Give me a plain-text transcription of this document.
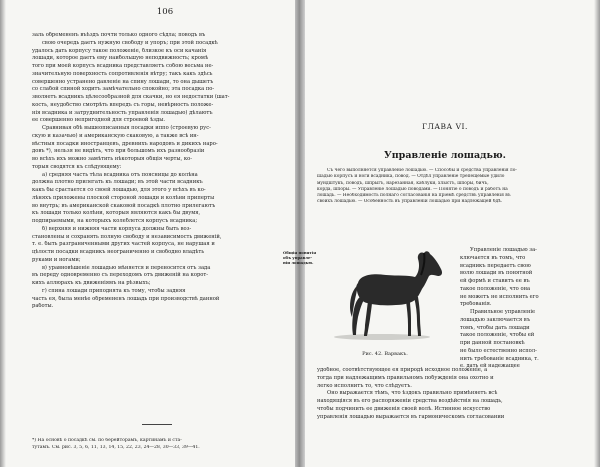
106
заль обремененъ въѣздъ почти только одного сѣдла; поводъ въ
свою очередь даетъ нужную свободу и упоръ; при этой посадкѣ
удалось дать корпусу такое положеніе, близкое къ оси качанія
лошади, которое даетъ ему наибольшую неподвижность; кромѣ
того при моей корпусъ всадника представляетъ собою весьма не-
значительную поверхность сопротивленія вѣтру; такъ какъ здѣсь
совершенно устранено давленіе на спину лошади, то она дышетъ
со слабой спиной ходитъ замѣчательно спокойно; эта посадка по-
зволяетъ всадникъ цѣлесообразной для скачки, но ея недостатки (шат-
кость, неудобство смотрѣть впередъ съ горы, невѣрность положе-
нія всадника и затруднительность управленія лошадью) дѣлаютъ
ее совершенно непригодной для строевой ѣзды.
Сравнивая обѣ вышеописанныя посадки иппо (строевую рус-
скую и казачью) и американскую скаковую, а также всѣ ин-
вѣстныя посадки иностранцевъ, древнихъ народовъ и дикихъ наро-
довъ *), нельзя не видѣть, что при большомъ ихъ разнообразіи
во всѣхъ ихъ можно замѣтить нѣкоторыя общія черты, ко-
торыя сводятся къ слѣдующему:
а) средняя часть тѣла всадника отъ поясницы до колѣна
должна плотно прилегать къ лошади; въ этой части всадникъ
какъ бы срастается со своей лошадью, для этого у всѣхъ въ ко-
лѣняхъ приложены плоской стороной лошади и колѣни приперты
во внутрь; въ американской скаковой посадкѣ плотно прилегаютъ
къ лошади только колѣни, которыя являются какъ бы двумя,
подпираемыми, на которыхъ колеблется корпусъ всадника;
б) верхняя и нижняя части корпуса должны быть воз-
становлены и сохранять полную свободу и независимость движеній,
т. е. быть разграниченными других частей корпуса, не нарушая и
цѣлости посадки всадникъ неограниченно и свободно владѣть
руками и ногами;
в) уравновѣшеніе лошадью мѣняется и переносится отъ зада
въ переду одновременно съ переходомъ отъ движеній на корот-
кихъ аллюрахъ къ движеніямъ на рѣзвыхъ;
г) спина лошади приподнята къ тому, чтобы задняя
часть ея, была менѣе обремененъ лошадь при производствѣ данной
работы.
*) На основѣ о посадкѣ см. по берейторамъ, картинамъ и ста-
тутамъ. См. рис. 3, 5, 6, 11, 13, 14, 15, 22, 23, 24—28, 30—33, 39—41.
ГЛАВА VI.
Управленіе лошадью.
Съ чего выполняется управленіе лошадью. — Способы и средства управленія ло-
шадью корпусъ и ноги всадника, повод. — Отдѣл управленіе трепещемые удило
мундштукъ, поводъ, шпрыгъ, нарезанная, каблуки, хлыстъ, шпоры, бичъ,
корда, шпоры. — Управленіе лошадью поводами. — Понятіе о поводъ и работъ на
лошадь. — Необходимость полнаго согласованія на пріемѣ средствъ управленія въ
своихъ лошадью. — Особенность въ управленіи лошадью при надлежащей бдѣ.
Рис. 42. Варвакъ.
Управленіе лошадью за-
ключается въ томъ, что
всадникъ передаетъ свою
волю лошади въ понятной
ей формѣ и ставитъ ее въ
такое положеніе, что она
не можетъ не исполнить его
требованія.
Правильное управленіе
лошадью заключается въ
томъ, чтобы дать лошади
такое положеніе, чтобы ей
при данной постановкѣ
не было естественно испол-
нить требованіе всадника, т.
е. дать ей надежащее
удобное, соотвѣтствующее ея природѣ исходное положеніе, а
тогда при надлежащимъ правильномъ побужденія она охотно и
легко исполнитъ то, что слѣдуетъ.
Оно выражается тѣмъ, что ѣздокъ правильно примѣняетъ всѣ
находящіяся въ его распоряженіи средства воздѣйствія на лошадь,
чтобы подчинить ее движенія своей волѣ. Истинное искусство
управленія лошадью выражается въ гармоническомъ согласовании
Общія понятія
объ управле-
ніи лошадью.
